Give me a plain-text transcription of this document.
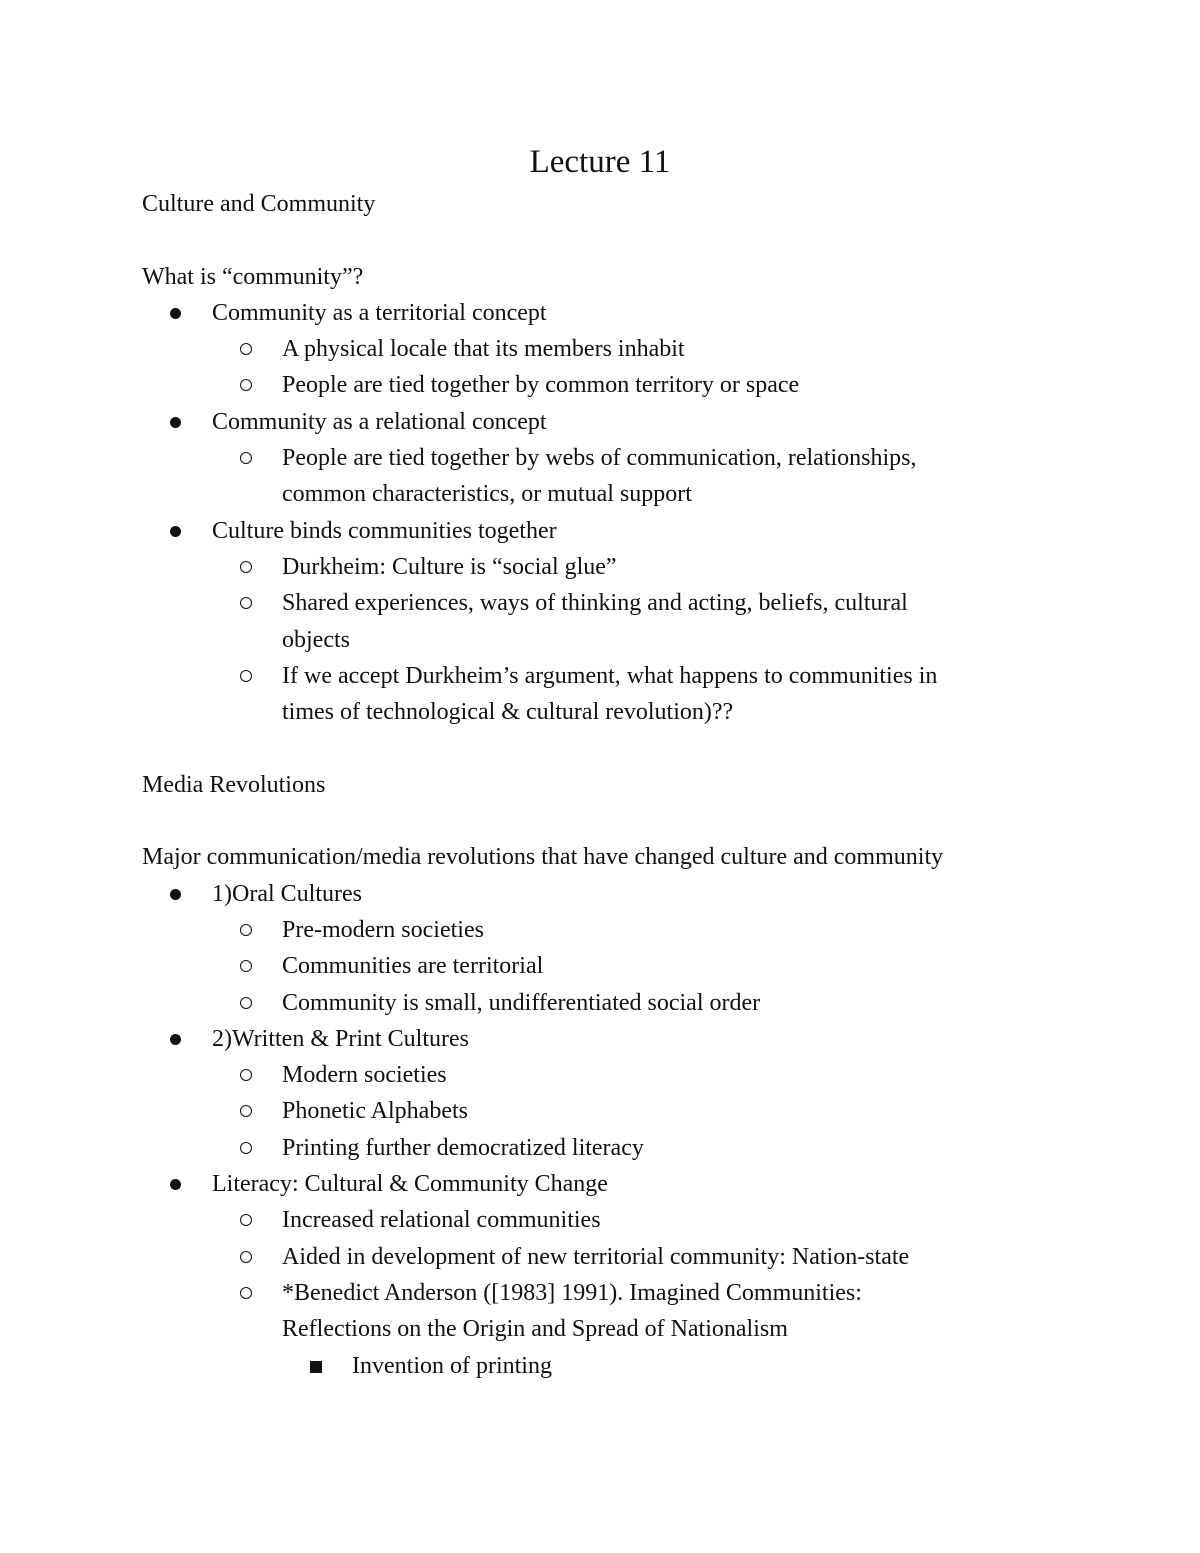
Lecture 11
Culture and Community
What is “community”?
Community as a territorial concept
A physical locale that its members inhabit
People are tied together by common territory or space
Community as a relational concept
People are tied together by webs of communication, relationships,
common characteristics, or mutual support
Culture binds communities together
Durkheim: Culture is “social glue”
Shared experiences, ways of thinking and acting, beliefs, cultural
objects
If we accept Durkheim’s argument, what happens to communities in
times of technological & cultural revolution)??
Media Revolutions
Major communication/media revolutions that have changed culture and community
1)Oral Cultures
Pre-modern societies
Communities are territorial
Community is small, undifferentiated social order
2)Written & Print Cultures
Modern societies
Phonetic Alphabets
Printing further democratized literacy
Literacy: Cultural & Community Change
Increased relational communities
Aided in development of new territorial community: Nation-state
*Benedict Anderson ([1983] 1991). Imagined Communities:
Reflections on the Origin and Spread of Nationalism
Invention of printing
